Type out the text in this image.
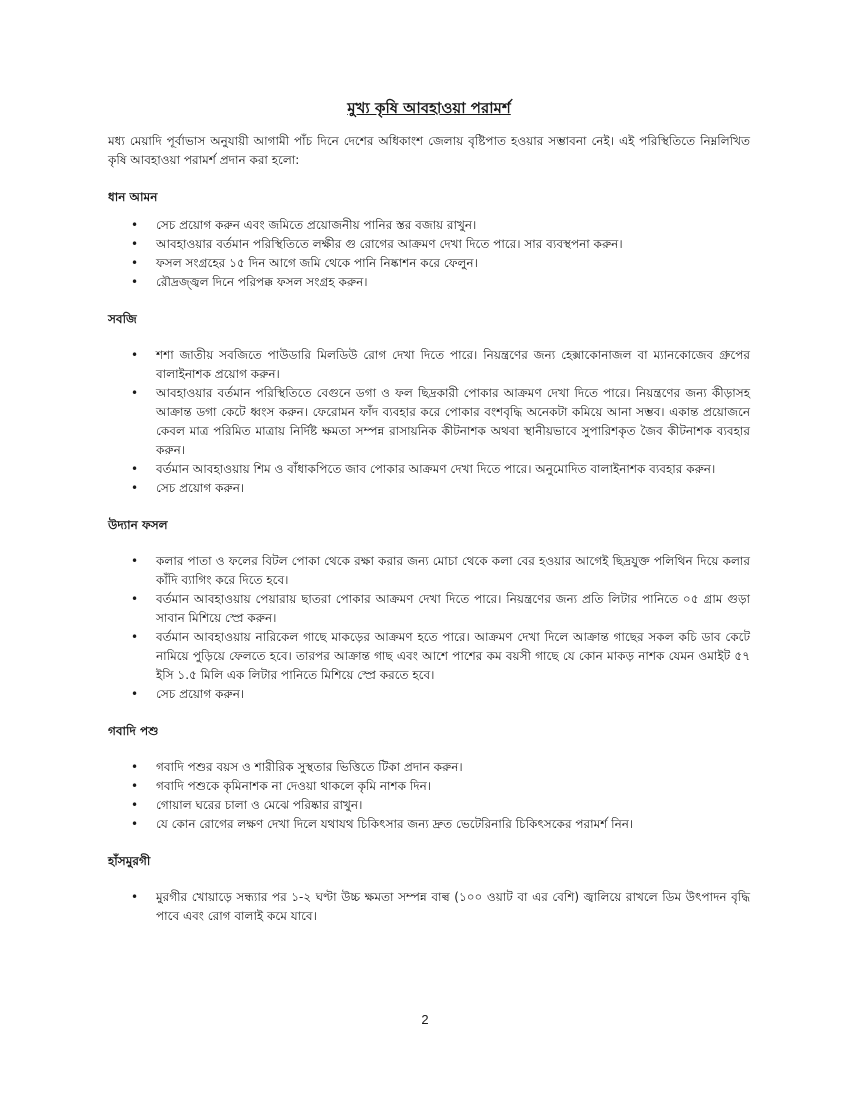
মুখ্য কৃষি আবহাওয়া পরামর্শ

মধ্য মেয়াদি পূর্বাভাস অনুযায়ী আগামী পাঁচ দিনে দেশের অধিকাংশ জেলায় বৃষ্টিপাত হওয়ার সম্ভাবনা নেই। এই পরিস্থিতিতে নিম্নলিখিত কৃষি আবহাওয়া পরামর্শ প্রদান করা হলো:

ধান আমন
• সেচ প্রয়োগ করুন এবং জমিতে প্রয়োজনীয় পানির স্তর বজায় রাখুন।
• আবহাওয়ার বর্তমান পরিস্থিতিতে লক্ষীর গু রোগের আক্রমণ দেখা দিতে পারে। সার ব্যবস্থপনা করুন।
• ফসল সংগ্রহের ১৫ দিন আগে জমি থেকে পানি নিষ্কাশন করে ফেলুন।
• রৌদ্রজ্জ্বল দিনে পরিপক্ক ফসল সংগ্রহ করুন।
সবজি
• শশা জাতীয় সবজিতে পাউডারি মিলডিউ রোগ দেখা দিতে পারে। নিয়ন্ত্রণের জন্য হেক্সাকোনাজল বা ম্যানকোজেব গ্রুপের বালাইনাশক প্রয়োগ করুন।
• আবহাওয়ার বর্তমান পরিস্থিতিতে বেগুনে ডগা ও ফল ছিদ্রকারী পোকার আক্রমণ দেখা দিতে পারে। নিয়ন্ত্রণের জন্য কীড়াসহ আক্রান্ত ডগা কেটে ধ্বংস করুন। ফেরোমন ফাঁদ ব্যবহার করে পোকার বংশবৃদ্ধি অনেকটা কমিয়ে আনা সম্ভব। একান্ত প্রয়োজনে কেবল মাত্র পরিমিত মাত্রায় নির্দিষ্ট ক্ষমতা সম্পন্ন রাসায়নিক কীটনাশক অথবা স্থানীয়ভাবে সুপারিশকৃত জৈব কীটনাশক ব্যবহার করুন।
• বর্তমান আবহাওয়ায় শিম ও বাঁধাকপিতে জাব পোকার আক্রমণ দেখা দিতে পারে। অনুমোদিত বালাইনাশক ব্যবহার করুন।
• সেচ প্রয়োগ করুন।
উদ্যান ফসল
• কলার পাতা ও ফলের বিটল পোকা থেকে রক্ষা করার জন্য মোচা থেকে কলা বের হওয়ার আগেই ছিদ্রযুক্ত পলিথিন দিয়ে কলার কাঁদি ব্যাগিং করে দিতে হবে।
• বর্তমান আবহাওয়ায় পেয়ারায় ছাতরা পোকার আক্রমণ দেখা দিতে পারে। নিয়ন্ত্রণের জন্য প্রতি লিটার পানিতে ০৫ গ্রাম গুড়া সাবান মিশিয়ে স্প্রে করুন।
• বর্তমান আবহাওয়ায় নারিকেল গাছে মাকড়ের আক্রমণ হতে পারে। আক্রমণ দেখা দিলে আক্রান্ত গাছের সকল কচি ডাব কেটে নামিয়ে পুড়িয়ে ফেলতে হবে। তারপর আক্রান্ত গাছ এবং আশে পাশের কম বয়সী গাছে যে কোন মাকড় নাশক যেমন ওমাইট ৫৭ ইসি ১.৫ মিলি এক লিটার পানিতে মিশিয়ে স্প্রে করতে হবে।
• সেচ প্রয়োগ করুন।
গবাদি পশু
• গবাদি পশুর বয়স ও শারীরিক সুস্থতার ভিত্তিতে টিকা প্রদান করুন।
• গবাদি পশুকে কৃমিনাশক না দেওয়া থাকলে কৃমি নাশক দিন।
• গোয়াল ঘরের চালা ও মেঝে পরিষ্কার রাখুন।
• যে কোন রোগের লক্ষণ দেখা দিলে যথাযথ চিকিৎসার জন্য দ্রুত ভেটেরিনারি চিকিৎসকের পরামর্শ নিন।
হাঁসমুরগী
• মুরগীর খোয়াড়ে সন্ধ্যার পর ১-২ ঘণ্টা উচ্চ ক্ষমতা সম্পন্ন বাল্ব (১০০ ওয়াট বা এর বেশি) জ্বালিয়ে রাখলে ডিম উৎপাদন বৃদ্ধি পাবে এবং রোগ বালাই কমে যাবে।
2
